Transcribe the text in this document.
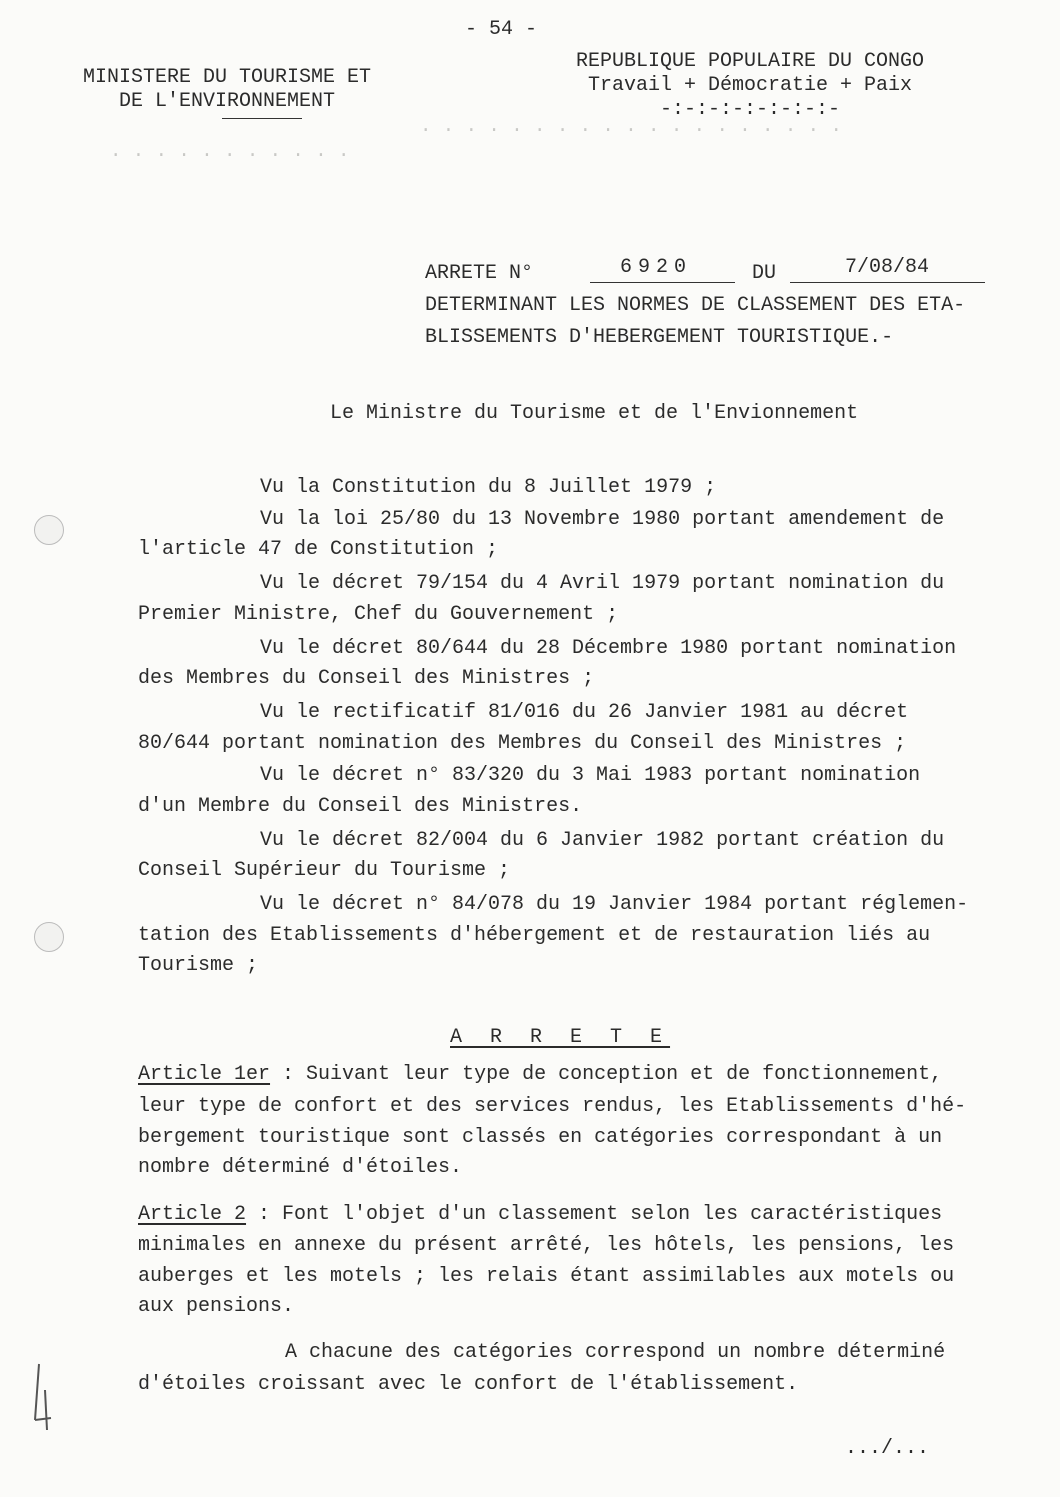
. . . . . . . . . . .
. . . . . . . . . . . . . . . . . . .
- 54 -
MINISTERE DU TOURISME ET
DE L'ENVIRONNEMENT
REPUBLIQUE POPULAIRE DU CONGO
Travail + Démocratie + Paix
-:-:-:-:-:-:-:-
ARRETE N°	6920	DU	7/08/84
DETERMINANT LES NORMES DE CLASSEMENT DES ETA-
BLISSEMENTS D'HEBERGEMENT TOURISTIQUE.-
Le Ministre du Tourisme et de l'Envionnement
Vu la Constitution du 8 Juillet 1979 ;
Vu la loi 25/80 du 13 Novembre 1980 portant amendement de
l'article 47 de Constitution ;
Vu le décret 79/154 du 4 Avril 1979 portant nomination du
Premier Ministre, Chef du Gouvernement ;
Vu le décret 80/644 du 28 Décembre 1980 portant nomination
des Membres du Conseil des Ministres ;
Vu le rectificatif 81/016 du 26 Janvier 1981 au décret
80/644 portant nomination des Membres du Conseil des Ministres ;
Vu le décret n° 83/320 du 3 Mai 1983 portant nomination
d'un Membre du Conseil des Ministres.
Vu le décret 82/004 du 6 Janvier 1982 portant création du
Conseil Supérieur du Tourisme ;
Vu le décret n° 84/078 du 19 Janvier 1984 portant réglemen-
tation des Etablissements d'hébergement et de restauration liés au
Tourisme ;
A R R E T E
Article 1er : Suivant leur type de conception et de fonctionnement,
leur type de confort et des services rendus, les Etablissements d'hé-
bergement touristique sont classés en catégories correspondant à un
nombre déterminé d'étoiles.
Article 2 : Font l'objet d'un classement selon les caractéristiques
minimales en annexe du présent arrêté, les hôtels, les pensions, les
auberges et les motels ; les relais étant assimilables aux motels ou
aux pensions.
A chacune des catégories correspond un nombre déterminé
d'étoiles croissant avec le confort de l'établissement.
.../...
